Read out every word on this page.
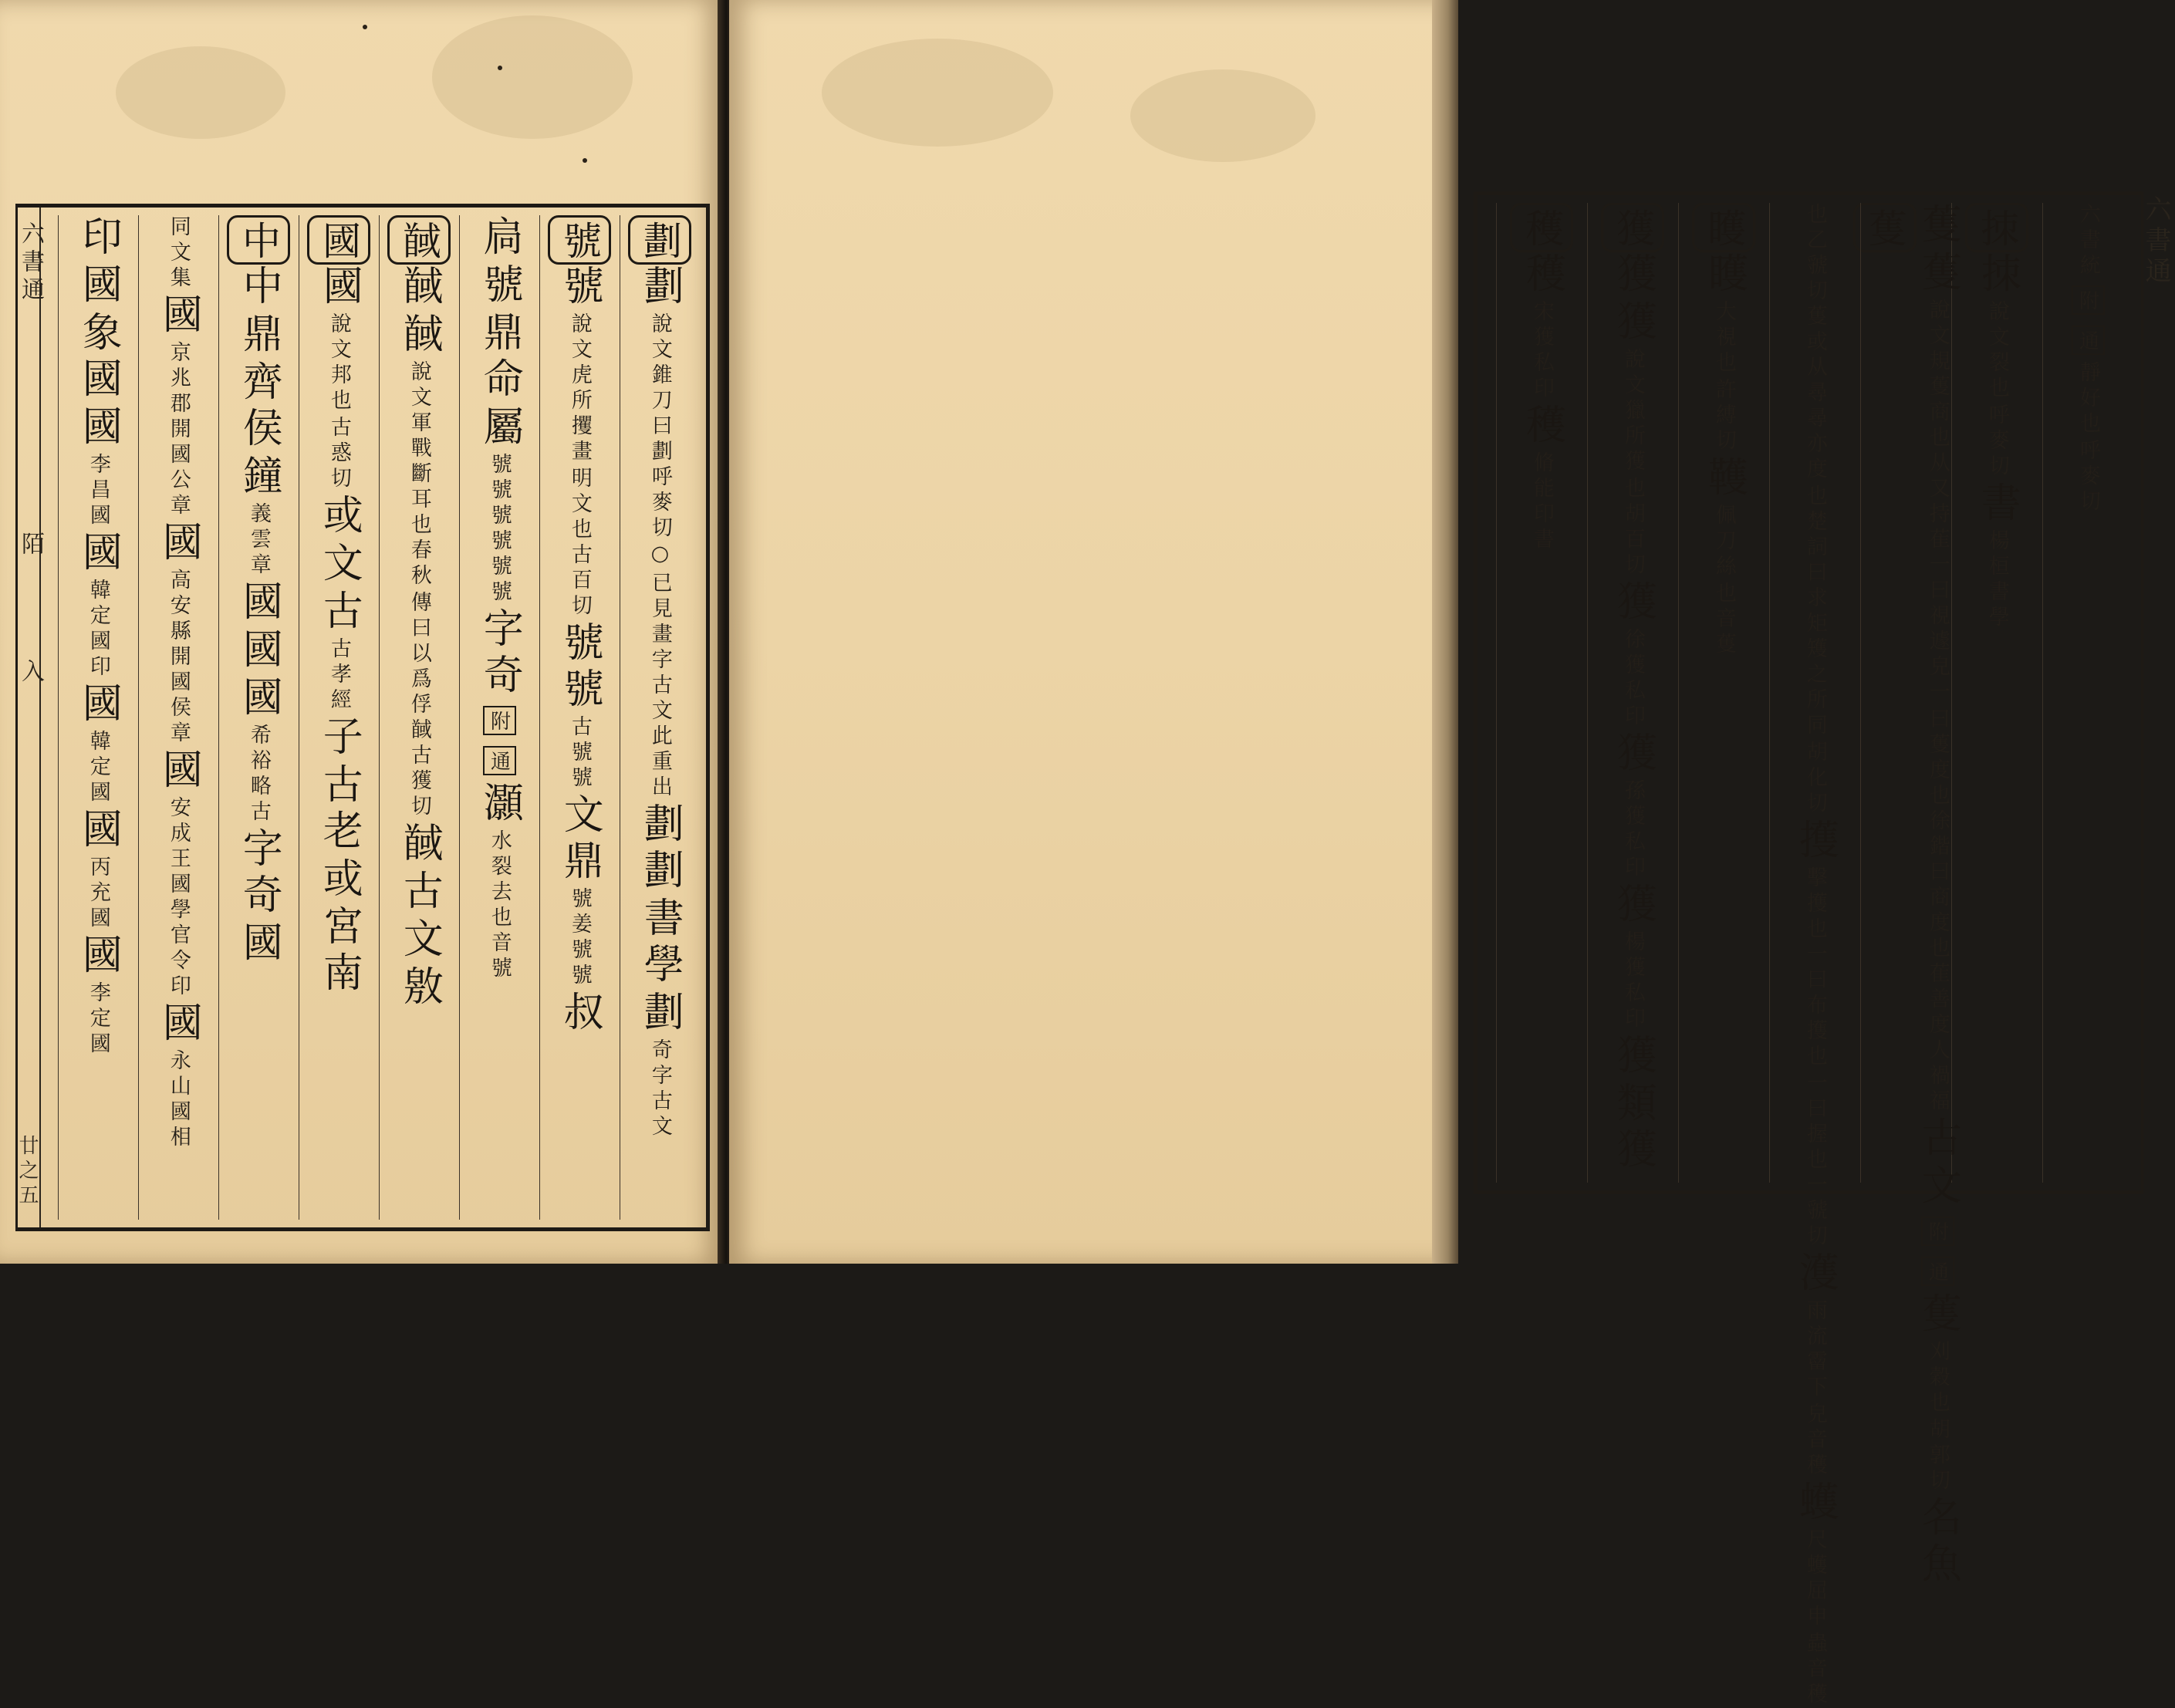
六書通
陌
入
廿之五
劃
劃
說文錐刀曰劃呼麥切○
已見畫字古文此重出
劃劃
書學
劃
奇字古文
號
號
說文虎所攫畫
明文也古百切
號號
古號號
文鼎
號姜號號
叔
扃
號
鼎命
屬
號號號號號號
字奇
附
通
灝
水裂去也音號
馘
馘
馘
說文軍戰斷耳也春秋
傳曰以爲俘馘古獲切
馘
古
文
敫
國
國
說文邦也
古惑切
或
文
古
古孝經
子
古老
或
宮南
中
中
鼎
齊侯
鐘
義雲章
國
國
國
希裕略古
字奇
國
同文集
國
京兆郡開國公章
國
高安縣開國侯章
國
安成王國學官令印
國
永山國相
印
國
象國
國
李昌國
國
韓定國印
國
韓定國
國
丙充國
國
李定國
六書通
六書統
附
通
靜好也
呼麥切
拺
拺
說文裂也
呼麥切
書
楊桓書學
蒦 蒦
蒦
說文規蒦商也从又持萑一曰視遽皃一
曰蒦度也徐鍇曰商度也萑善度人禍福
古
文
附
通
蒦
刈穀也
胡郭切
名魚
也乙虢切蒦或从尋尋亦度
也楚詞曰求矩矱之所同
胡化切
擭
擊擭也一曰布擭也
一曰握也一虢切
濩
雨流霤下
皃音穫
蠖
尺蠖屈申
蟲音穫
矆
矆
大視也
許縛切
韄
佩刀絲
也音蒦
獲
獲
獲
說文獵所獲
也胡百切
獲
徐獲私印
獲
孫獲私印
獲
楊獲私印
獲
類獲
穫
穫
宋獲私印
穫
脩能印書
